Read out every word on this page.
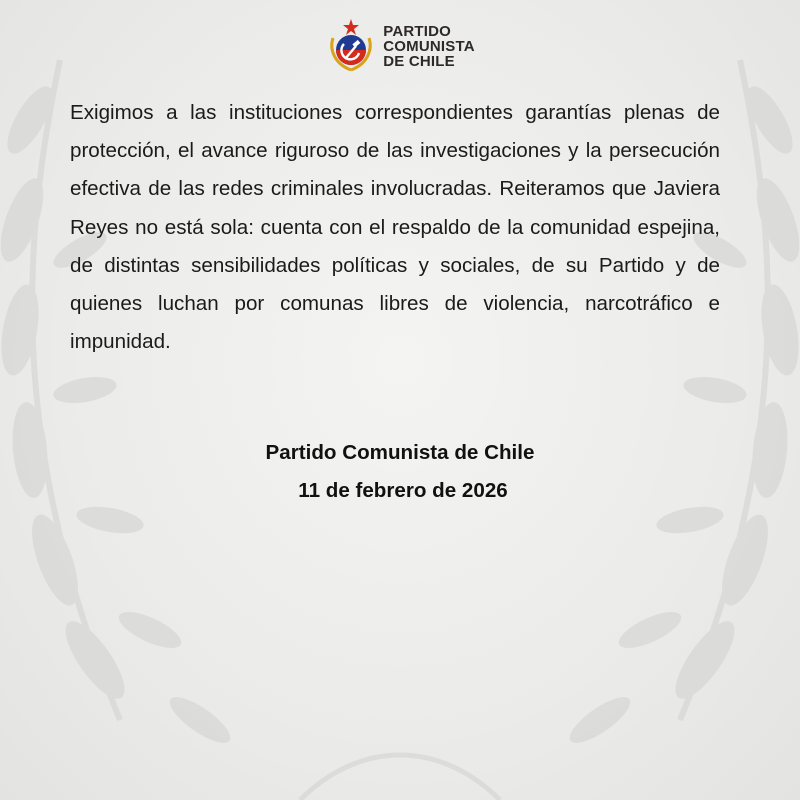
PARTIDO
COMUNISTA
DE CHILE

Exigimos a las instituciones correspondientes garantías plenas de protección, el avance riguroso de las investigaciones y la persecución efectiva de las redes criminales involucradas. Reiteramos que Javiera Reyes no está sola: cuenta con el respaldo de la comunidad espejina, de distintas sensibilidades políticas y sociales, de su Partido y de quienes luchan por comunas libres de violencia, narcotráfico e impunidad.

Partido Comunista de Chile
11 de febrero de 2026
